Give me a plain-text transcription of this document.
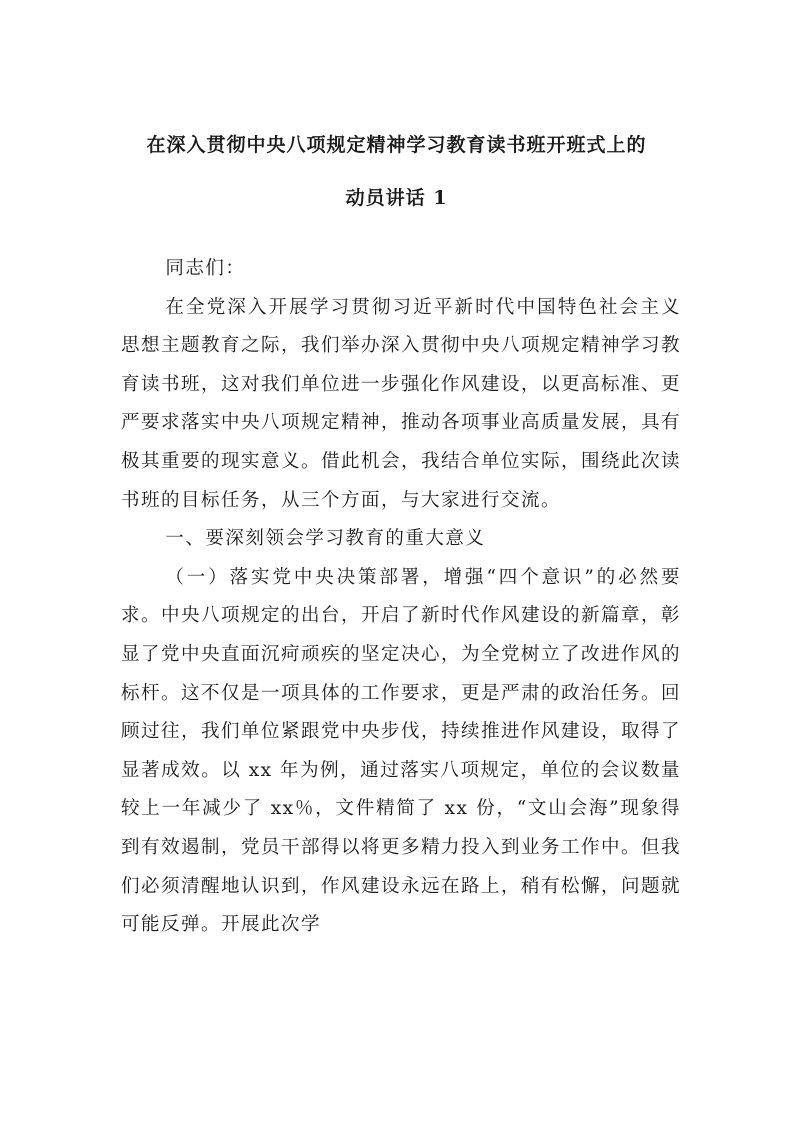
在深入贯彻中央八项规定精神学习教育读书班开班式上的
动员讲话 1

同志们：

在全党深入开展学习贯彻习近平新时代中国特色社会主义思想主题教育之际，我们举办深入贯彻中央八项规定精神学习教育读书班，这对我们单位进一步强化作风建设，以更高标准、更严要求落实中央八项规定精神，推动各项事业高质量发展，具有极其重要的现实意义。借此机会，我结合单位实际，围绕此次读书班的目标任务，从三个方面，与大家进行交流。

一、要深刻领会学习教育的重大意义

（一）落实党中央决策部署，增强“四个意识”的必然要求。中央八项规定的出台，开启了新时代作风建设的新篇章，彰显了党中央直面沉疴顽疾的坚定决心，为全党树立了改进作风的标杆。这不仅是一项具体的工作要求，更是严肃的政治任务。回顾过往，我们单位紧跟党中央步伐，持续推进作风建设，取得了显著成效。以 xx 年为例，通过落实八项规定，单位的会议数量较上一年减少了 xx％，文件精简了 xx 份，“文山会海”现象得到有效遏制，党员干部得以将更多精力投入到业务工作中。但我们必须清醒地认识到，作风建设永远在路上，稍有松懈，问题就可能反弹。开展此次学
